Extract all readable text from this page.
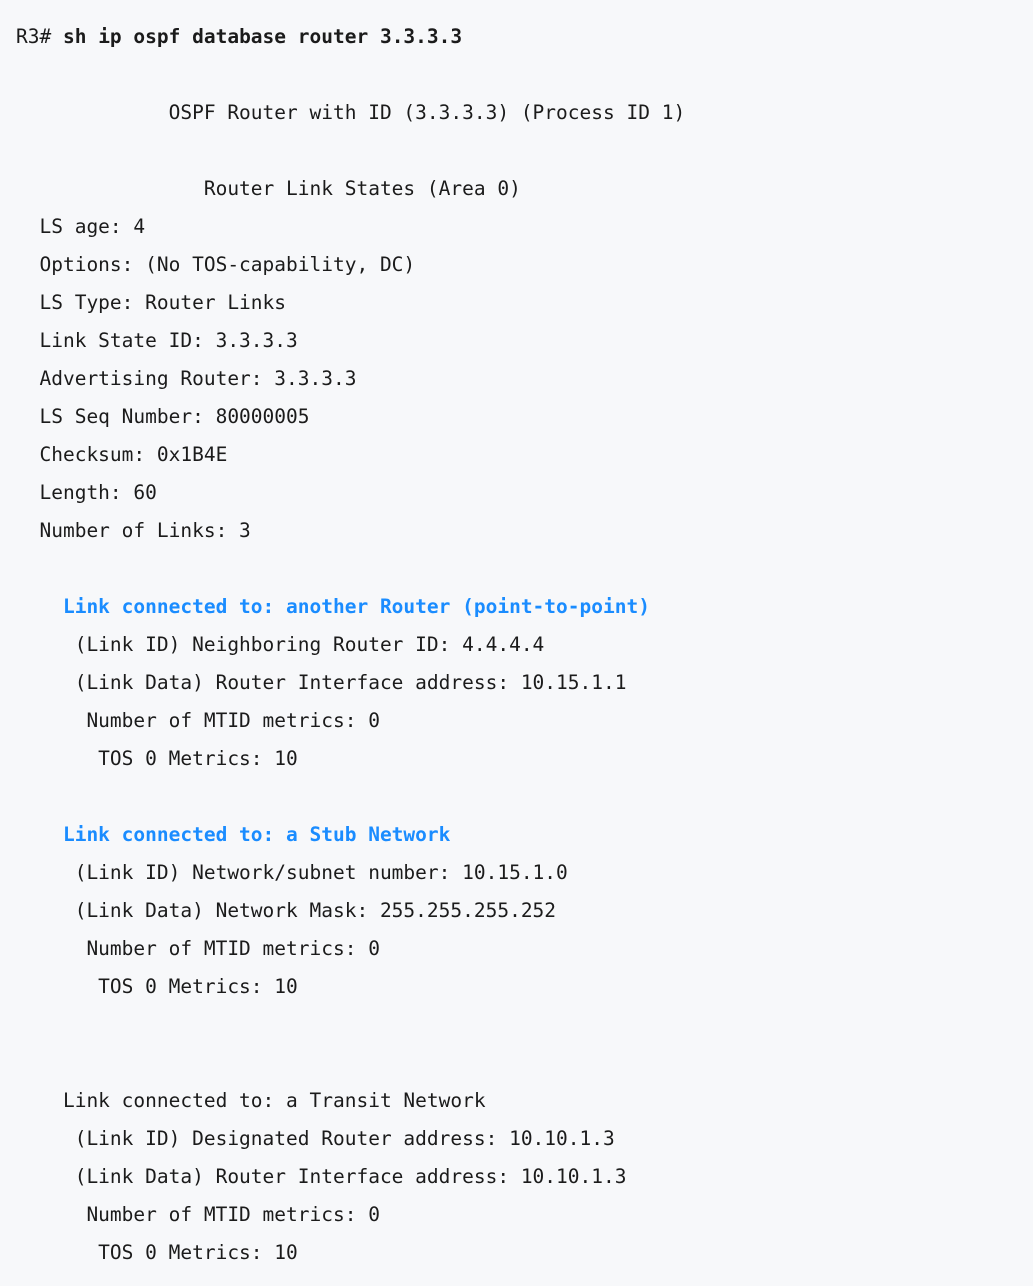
R3# sh ip ospf database router 3.3.3.3
OSPF Router with ID (3.3.3.3) (Process ID 1)
Router Link States (Area 0)
LS age: 4
Options: (No TOS-capability, DC)
LS Type: Router Links
Link State ID: 3.3.3.3
Advertising Router: 3.3.3.3
LS Seq Number: 80000005
Checksum: 0x1B4E
Length: 60
Number of Links: 3
Link connected to: another Router (point-to-point)
(Link ID) Neighboring Router ID: 4.4.4.4
(Link Data) Router Interface address: 10.15.1.1
Number of MTID metrics: 0
TOS 0 Metrics: 10
Link connected to: a Stub Network
(Link ID) Network/subnet number: 10.15.1.0
(Link Data) Network Mask: 255.255.255.252
Number of MTID metrics: 0
TOS 0 Metrics: 10
Link connected to: a Transit Network
(Link ID) Designated Router address: 10.10.1.3
(Link Data) Router Interface address: 10.10.1.3
Number of MTID metrics: 0
TOS 0 Metrics: 10
